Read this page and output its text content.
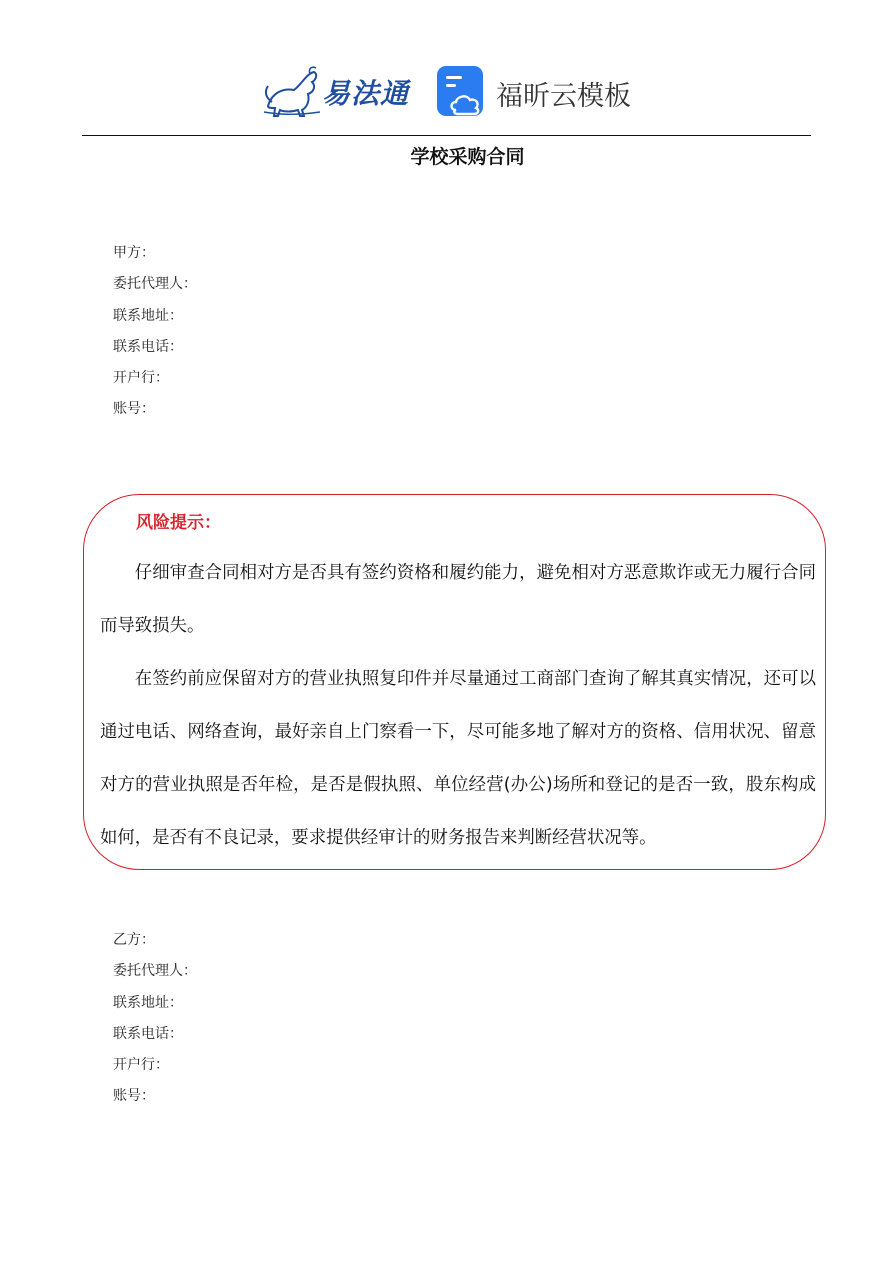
易法通	福昕云模板
学校采购合同
甲方：
委托代理人：
联系地址：
联系电话：
开户行：
账号：
风险提示：

仔细审查合同相对方是否具有签约资格和履约能力，避免相对方恶意欺诈或无力履行合同而导致损失。

在签约前应保留对方的营业执照复印件并尽量通过工商部门查询了解其真实情况，还可以通过电话、网络查询，最好亲自上门察看一下，尽可能多地了解对方的资格、信用状况、留意对方的营业执照是否年检，是否是假执照、单位经营(办公)场所和登记的是否一致，股东构成如何，是否有不良记录，要求提供经审计的财务报告来判断经营状况等。

乙方：
委托代理人：
联系地址：
联系电话：
开户行：
账号：
